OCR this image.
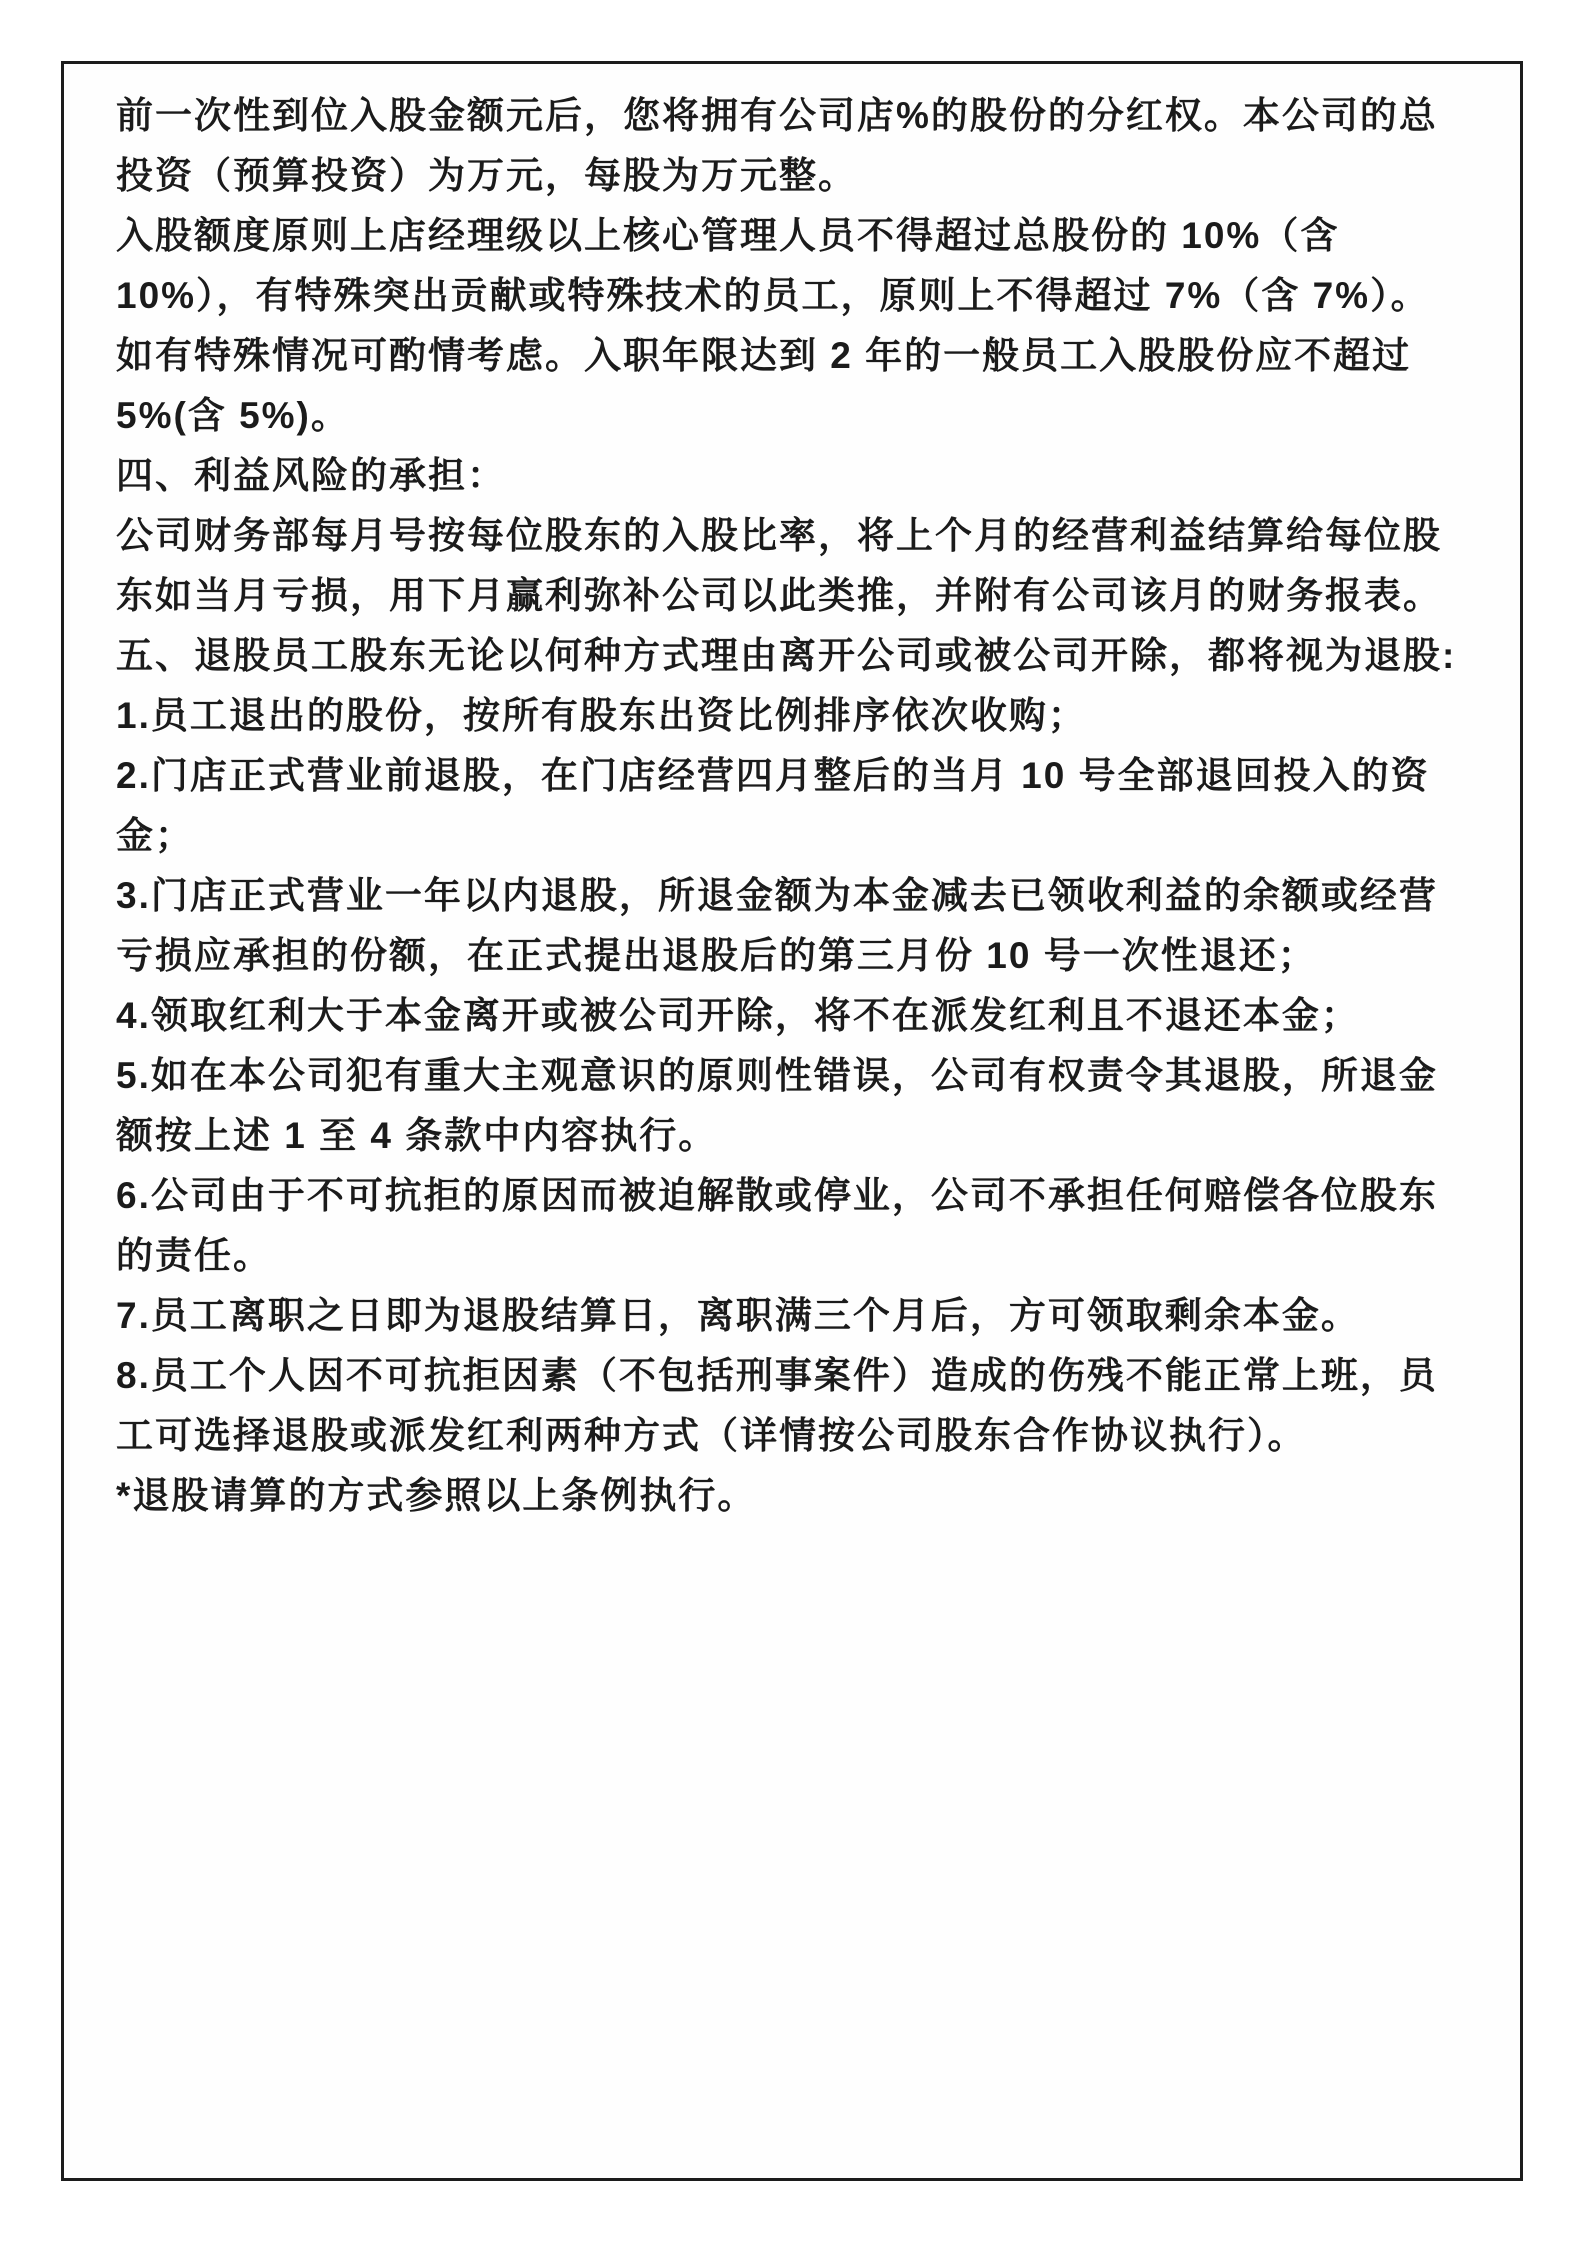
前一次性到位入股金额元后，您将拥有公司店%的股份的分红权。本公司的总
投资（预算投资）为万元，每股为万元整。
入股额度原则上店经理级以上核心管理人员不得超过总股份的 10%（含
10%），有特殊突出贡献或特殊技术的员工，原则上不得超过 7%（含 7%）。
如有特殊情况可酌情考虑。入职年限达到 2 年的一般员工入股股份应不超过
5%(含 5%)。
四、利益风险的承担：
公司财务部每月号按每位股东的入股比率，将上个月的经营利益结算给每位股
东如当月亏损，用下月赢利弥补公司以此类推，并附有公司该月的财务报表。
五、退股员工股东无论以何种方式理由离开公司或被公司开除，都将视为退股:
1.员工退出的股份，按所有股东出资比例排序依次收购；
2.门店正式营业前退股，在门店经营四月整后的当月 10 号全部退回投入的资
金；
3.门店正式营业一年以内退股，所退金额为本金减去已领收利益的余额或经营
亏损应承担的份额，在正式提出退股后的第三月份 10 号一次性退还；
4.领取红利大于本金离开或被公司开除，将不在派发红利且不退还本金；
5.如在本公司犯有重大主观意识的原则性错误，公司有权责令其退股，所退金
额按上述 1 至 4 条款中内容执行。
6.公司由于不可抗拒的原因而被迫解散或停业，公司不承担任何赔偿各位股东
的责任。
7.员工离职之日即为退股结算日，离职满三个月后，方可领取剩余本金。
8.员工个人因不可抗拒因素（不包括刑事案件）造成的伤残不能正常上班，员
工可选择退股或派发红利两种方式（详情按公司股东合作协议执行）。
*退股请算的方式参照以上条例执行。
